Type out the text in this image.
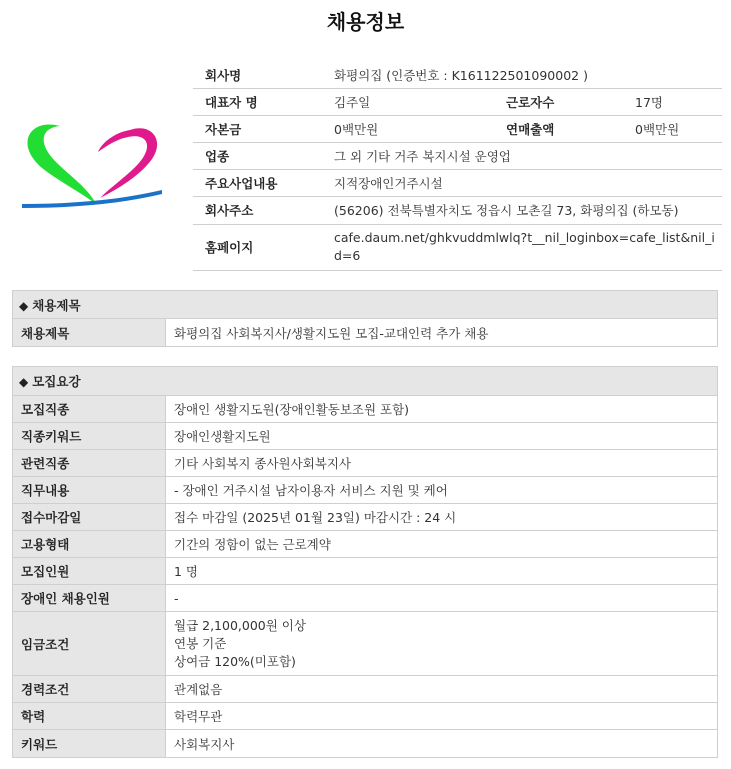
채용정보
회사명	화평의집 (인증번호 : K161122501090002 )		
대표자 명	김주일	근로자수	17명
자본금	0백만원	연매출액	0백만원
업종	그 외 기타 거주 복지시설 운영업		
주요사업내용	지적장애인거주시설		
회사주소	(56206) 전북특별자치도 정읍시 모촌길 73, 화평의집 (하모동)		
홈페이지	cafe.daum.net/ghkvuddmlwlq?t__nil_loginbox=cafe_list&nil_id=6		
◆ 채용제목
채용제목	화평의집 사회복지사/생활지도원 모집-교대인력 추가 채용
◆ 모집요강	
모집직종	장애인 생활지도원(장애인활동보조원 포함)
직종키워드	장애인생활지도원
관련직종	기타 사회복지 종사원사회복지사
직무내용	- 장애인 거주시설 남자이용자 서비스 지원 및 케어
접수마감일	접수 마감일 (2025년 01월 23일) 마감시간 : 24 시
고용형태	기간의 정함이 없는 근로계약
모집인원	1 명
장애인 채용인원	-
임금조건	월급 2,100,000원 이상
연봉 기준
상여금 120%(미포함)

경력조건	관계없음
학력	학력무관
키워드	사회복지사
